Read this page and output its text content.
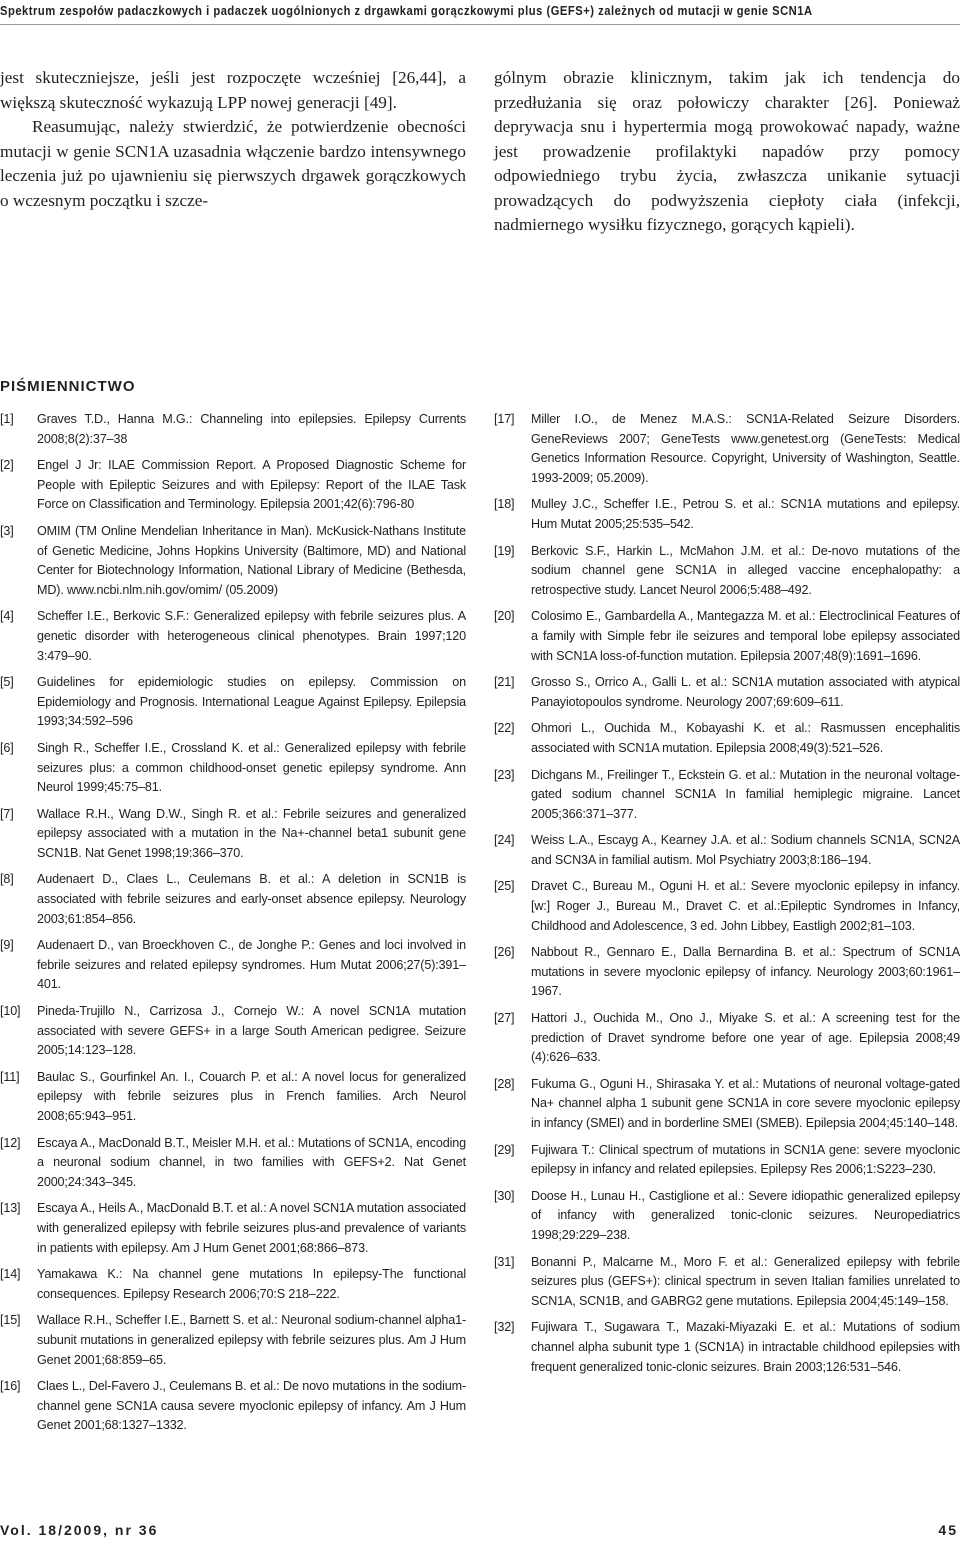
Spektrum zespołów padaczkowych i padaczek uogólnionych z drgawkami gorączkowymi plus (GEFS+) zależnych od mutacji w genie SCN1A

jest skuteczniejsze, jeśli jest rozpoczęte wcześniej [26,44], a większą skuteczność wykazują LPP nowej generacji [49].

Reasumując, należy stwierdzić, że potwierdzenie obecności mutacji w genie SCN1A uzasadnia włączenie bardzo intensywnego leczenia już po ujawnieniu się pierwszych drgawek gorączkowych o wczesnym początku i szcze-

gólnym obrazie klinicznym, takim jak ich tendencja do przedłużania się oraz połowiczy charakter [26]. Ponieważ deprywacja snu i hypertermia mogą prowokować napady, ważne jest prowadzenie profilaktyki napadów przy pomocy odpowiedniego trybu życia, zwłaszcza unikanie sytuacji prowadzących do podwyższenia ciepłoty ciała (infekcji, nadmiernego wysiłku fizycznego, gorących kąpieli).

PIŚMIENNICTWO
[1]	Graves T.D., Hanna M.G.: Channeling into epilepsies. Epilepsy Currents 2008;8(2):37–38
[2]	Engel J Jr: ILAE Commission Report. A Proposed Diagnostic Scheme for People with Epileptic Seizures and with Epilepsy: Report of the ILAE Task Force on Classification and Terminology. Epilepsia 2001;42(6):796-80
[3]	OMIM (TM Online Mendelian Inheritance in Man). McKusick-Nathans Institute of Genetic Medicine, Johns Hopkins University (Baltimore, MD) and National Center for Biotechnology Information, National Library of Medicine (Bethesda, MD). www.ncbi.nlm.nih.gov/omim/ (05.2009)
[4]	Scheffer I.E., Berkovic S.F.: Generalized epilepsy with febrile seizures plus. A genetic disorder with heterogeneous clinical phenotypes. Brain 1997;120 3:479–90.
[5]	Guidelines for epidemiologic studies on epilepsy. Commission on Epidemiology and Prognosis. International League Against Epilepsy. Epilepsia 1993;34:592–596
[6]	Singh R., Scheffer I.E., Crossland K. et al.: Generalized epilepsy with febrile seizures plus: a common childhood-onset genetic epilepsy syndrome. Ann Neurol 1999;45:75–81.
[7]	Wallace R.H., Wang D.W., Singh R. et al.: Febrile seizures and generalized epilepsy associated with a mutation in the Na+-channel beta1 subunit gene SCN1B. Nat Genet 1998;19:366–370.
[8]	Audenaert D., Claes L., Ceulemans B. et al.: A deletion in SCN1B is associated with febrile seizures and early-onset absence epilepsy. Neurology 2003;61:854–856.
[9]	Audenaert D., van Broeckhoven C., de Jonghe P.: Genes and loci involved in febrile seizures and related epilepsy syndromes. Hum Mutat 2006;27(5):391–401.
[10]	Pineda-Trujillo N., Carrizosa J., Cornejo W.: A novel SCN1A mutation associated with severe GEFS+ in a large South American pedigree. Seizure 2005;14:123–128.
[11]	Baulac S., Gourfinkel An. I., Couarch P. et al.: A novel locus for generalized epilepsy with febrile seizures plus in French families. Arch Neurol 2008;65:943–951.
[12]	Escaya A., MacDonald B.T., Meisler M.H. et al.: Mutations of SCN1A, encoding a neuronal sodium channel, in two families with GEFS+2. Nat Genet 2000;24:343–345.
[13]	Escaya A., Heils A., MacDonald B.T. et al.: A novel SCN1A mutation associated with generalized epilepsy with febrile seizures plus-and prevalence of variants in patients with epilepsy. Am J Hum Genet 2001;68:866–873.
[14]	Yamakawa K.: Na channel gene mutations In epilepsy-The functional consequences. Epilepsy Research 2006;70:S 218–222.
[15]	Wallace R.H., Scheffer I.E., Barnett S. et al.: Neuronal sodium-channel alpha1-subunit mutations in generalized epilepsy with febrile seizures plus. Am J Hum Genet 2001;68:859–65.
[16]	Claes L., Del-Favero J., Ceulemans B. et al.: De novo mutations in the sodium-channel gene SCN1A causa severe myoclonic epilepsy of infancy. Am J Hum Genet 2001;68:1327–1332.
[17]	Miller I.O., de Menez M.A.S.: SCN1A-Related Seizure Disorders. GeneReviews 2007; GeneTests www.genetest.org (GeneTests: Medical Genetics Information Resource. Copyright, University of Washington, Seattle. 1993-2009; 05.2009).
[18]	Mulley J.C., Scheffer I.E., Petrou S. et al.: SCN1A mutations and epilepsy. Hum Mutat 2005;25:535–542.
[19]	Berkovic S.F., Harkin L., McMahon J.M. et al.: De-novo mutations of the sodium channel gene SCN1A in alleged vaccine encephalopathy: a retrospective study. Lancet Neurol 2006;5:488–492.
[20]	Colosimo E., Gambardella A., Mantegazza M. et al.: Electroclinical Features of a family with Simple febr ile seizures and temporal lobe epilepsy associated with SCN1A loss-of-function mutation. Epilepsia 2007;48(9):1691–1696.
[21]	Grosso S., Orrico A., Galli L. et al.: SCN1A mutation associated with atypical Panayiotopoulos syndrome. Neurology 2007;69:609–611.
[22]	Ohmori L., Ouchida M., Kobayashi K. et al.: Rasmussen encephalitis associated with SCN1A mutation. Epilepsia 2008;49(3):521–526.
[23]	Dichgans M., Freilinger T., Eckstein G. et al.: Mutation in the neuronal voltage-gated sodium channel SCN1A In familial hemiplegic migraine. Lancet 2005;366:371–377.
[24]	Weiss L.A., Escayg A., Kearney J.A. et al.: Sodium channels SCN1A, SCN2A and SCN3A in familial autism. Mol Psychiatry 2003;8:186–194.
[25]	Dravet C., Bureau M., Oguni H. et al.: Severe myoclonic epilepsy in infancy. [w:] Roger J., Bureau M., Dravet C. et al.:Epileptic Syndromes in Infancy, Childhood and Adolescence, 3 ed. John Libbey, Eastligh 2002;81–103.
[26]	Nabbout R., Gennaro E., Dalla Bernardina B. et al.: Spectrum of SCN1A mutations in severe myoclonic epilepsy of infancy. Neurology 2003;60:1961–1967.
[27]	Hattori J., Ouchida M., Ono J., Miyake S. et al.: A screening test for the prediction of Dravet syndrome before one year of age. Epilepsia 2008;49 (4):626–633.
[28]	Fukuma G., Oguni H., Shirasaka Y. et al.: Mutations of neuronal voltage-gated Na+ channel alpha 1 subunit gene SCN1A in core severe myoclonic epilepsy in infancy (SMEI) and in borderline SMEI (SMEB). Epilepsia 2004;45:140–148.
[29]	Fujiwara T.: Clinical spectrum of mutations in SCN1A gene: severe myoclonic epilepsy in infancy and related epilepsies. Epilepsy Res 2006;1:S223–230.
[30]	Doose H., Lunau H., Castiglione et al.: Severe idiopathic generalized epilepsy of infancy with generalized tonic-clonic seizures. Neuropediatrics 1998;29:229–238.
[31]	Bonanni P., Malcarne M., Moro F. et al.: Generalized epilepsy with febrile seizures plus (GEFS+): clinical spectrum in seven Italian families unrelated to SCN1A, SCN1B, and GABRG2 gene mutations. Epilepsia 2004;45:149–158.
[32]	Fujiwara T., Sugawara T., Mazaki-Miyazaki E. et al.: Mutations of sodium channel alpha subunit type 1 (SCN1A) in intractable childhood epilepsies with frequent generalized tonic-clonic seizures. Brain 2003;126:531–546.
Vol. 18/2009, nr 36	45
